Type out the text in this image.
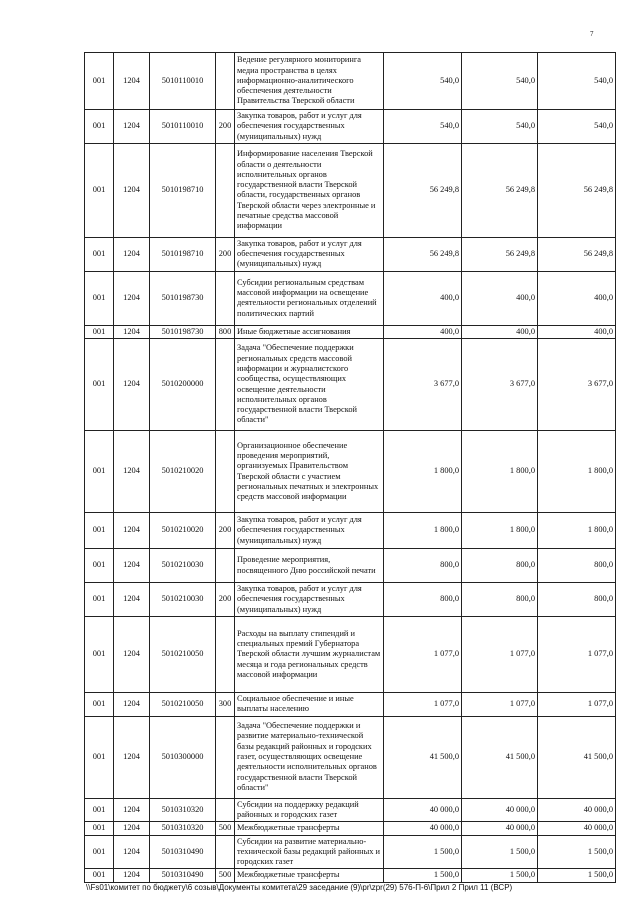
7
001	1204	5010110010		Ведение регулярного мониторинга медиа пространства в целях информационно-аналитического обеспечения деятельности Правительства Тверской области	540,0	540,0	540,0
001	1204	5010110010	200	Закупка товаров, работ и услуг для обеспечения государственных (муниципальных) нужд	540,0	540,0	540,0
001	1204	5010198710		Информирование населения Тверской области о деятельности исполнительных органов государственной власти Тверской области, государственных органов Тверской области через электронные и печатные средства массовой информации	56 249,8	56 249,8	56 249,8
001	1204	5010198710	200	Закупка товаров, работ и услуг для обеспечения государственных (муниципальных) нужд	56 249,8	56 249,8	56 249,8
001	1204	5010198730		Субсидии региональным средствам массовой информации на освещение деятельности региональных отделений политических партий	400,0	400,0	400,0
001	1204	5010198730	800	Иные бюджетные ассигнования	400,0	400,0	400,0
001	1204	5010200000		Задача "Обеспечение поддержки региональных средств массовой информации и журналистского сообщества, осуществляющих освещение деятельности исполнительных органов государственной власти Тверской области"	3 677,0	3 677,0	3 677,0
001	1204	5010210020		Организационное обеспечение проведения мероприятий, организуемых Правительством Тверской области с участием региональных печатных и электронных средств массовой информации	1 800,0	1 800,0	1 800,0
001	1204	5010210020	200	Закупка товаров, работ и услуг для обеспечения государственных (муниципальных) нужд	1 800,0	1 800,0	1 800,0
001	1204	5010210030		Проведение мероприятия, посвященного Дню российской печати	800,0	800,0	800,0
001	1204	5010210030	200	Закупка товаров, работ и услуг для обеспечения государственных (муниципальных) нужд	800,0	800,0	800,0
001	1204	5010210050		Расходы на выплату стипендий и специальных премий Губернатора Тверской области лучшим журналистам месяца и года региональных средств массовой информации	1 077,0	1 077,0	1 077,0
001	1204	5010210050	300	Социальное обеспечение и иные выплаты населению	1 077,0	1 077,0	1 077,0
001	1204	5010300000		Задача "Обеспечение поддержки и развитие материально-технической базы редакций районных и городских газет, осуществляющих освещение деятельности исполнительных органов государственной власти Тверской области"	41 500,0	41 500,0	41 500,0
001	1204	5010310320		Субсидии на поддержку редакций районных и городских газет	40 000,0	40 000,0	40 000,0
001	1204	5010310320	500	Межбюджетные трансферты	40 000,0	40 000,0	40 000,0
001	1204	5010310490		Субсидии на развитие материально-технической базы редакций районных и городских газет	1 500,0	1 500,0	1 500,0
001	1204	5010310490	500	Межбюджетные трансферты	1 500,0	1 500,0	1 500,0
\\Fs01\комитет по бюджету\6 созыв\Документы комитета\29 заседание (9)\pr\zpr(29) 576-П-6\Прил 2 Прил 11 (ВСР)
